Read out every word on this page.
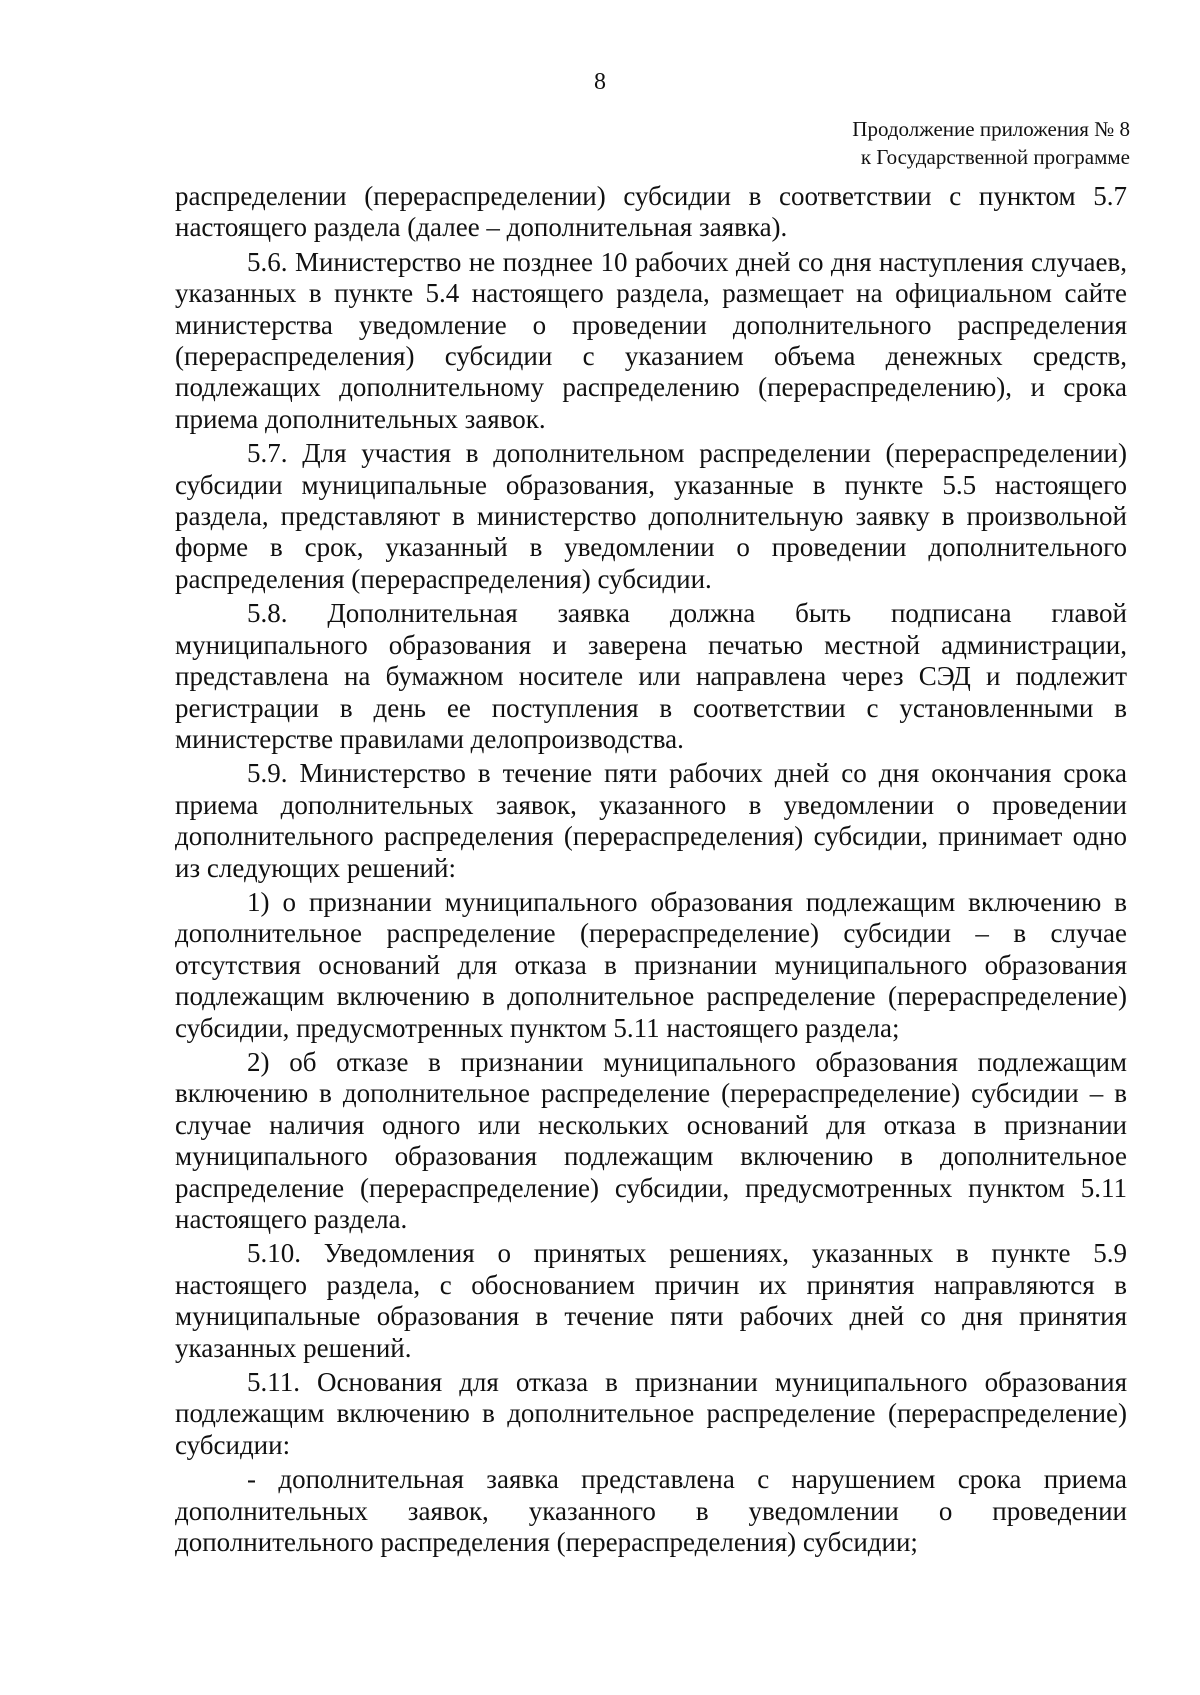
8
Продолжение приложения № 8
к Государственной программе

распределении (перераспределении) субсидии в соответствии с пунктом 5.7 настоящего раздела (далее – дополнительная заявка).

5.6. Министерство не позднее 10 рабочих дней со дня наступления случаев, указанных в пункте 5.4 настоящего раздела, размещает на официальном сайте министерства уведомление о проведении дополнительного распределения (перераспределения) субсидии с указанием объема денежных средств, подлежащих дополнительному распределению (перераспределению), и срока приема дополнительных заявок.

5.7. Для участия в дополнительном распределении (перераспределении) субсидии муниципальные образования, указанные в пункте 5.5 настоящего раздела, представляют в министерство дополнительную заявку в произвольной форме в срок, указанный в уведомлении о проведении дополнительного распределения (перераспределения) субсидии.

5.8. Дополнительная заявка должна быть подписана главой муниципального образования и заверена печатью местной администрации, представлена на бумажном носителе или направлена через СЭД и подлежит регистрации в день ее поступления в соответствии с установленными в министерстве правилами делопроизводства.

5.9. Министерство в течение пяти рабочих дней со дня окончания срока приема дополнительных заявок, указанного в уведомлении о проведении дополнительного распределения (перераспределения) субсидии, принимает одно из следующих решений:

1) о признании муниципального образования подлежащим включению в дополнительное распределение (перераспределение) субсидии – в случае отсутствия оснований для отказа в признании муниципального образования подлежащим включению в дополнительное распределение (перераспределение) субсидии, предусмотренных пунктом 5.11 настоящего раздела;

2) об отказе в признании муниципального образования подлежащим включению в дополнительное распределение (перераспределение) субсидии – в случае наличия одного или нескольких оснований для отказа в признании муниципального образования подлежащим включению в дополнительное распределение (перераспределение) субсидии, предусмотренных пунктом 5.11 настоящего раздела.

5.10. Уведомления о принятых решениях, указанных в пункте 5.9 настоящего раздела, с обоснованием причин их принятия направляются в муниципальные образования в течение пяти рабочих дней со дня принятия указанных решений.

5.11. Основания для отказа в признании муниципального образования подлежащим включению в дополнительное распределение (перераспределение) субсидии:

- дополнительная заявка представлена с нарушением срока приема дополнительных заявок, указанного в уведомлении о проведении дополнительного распределения (перераспределения) субсидии;
